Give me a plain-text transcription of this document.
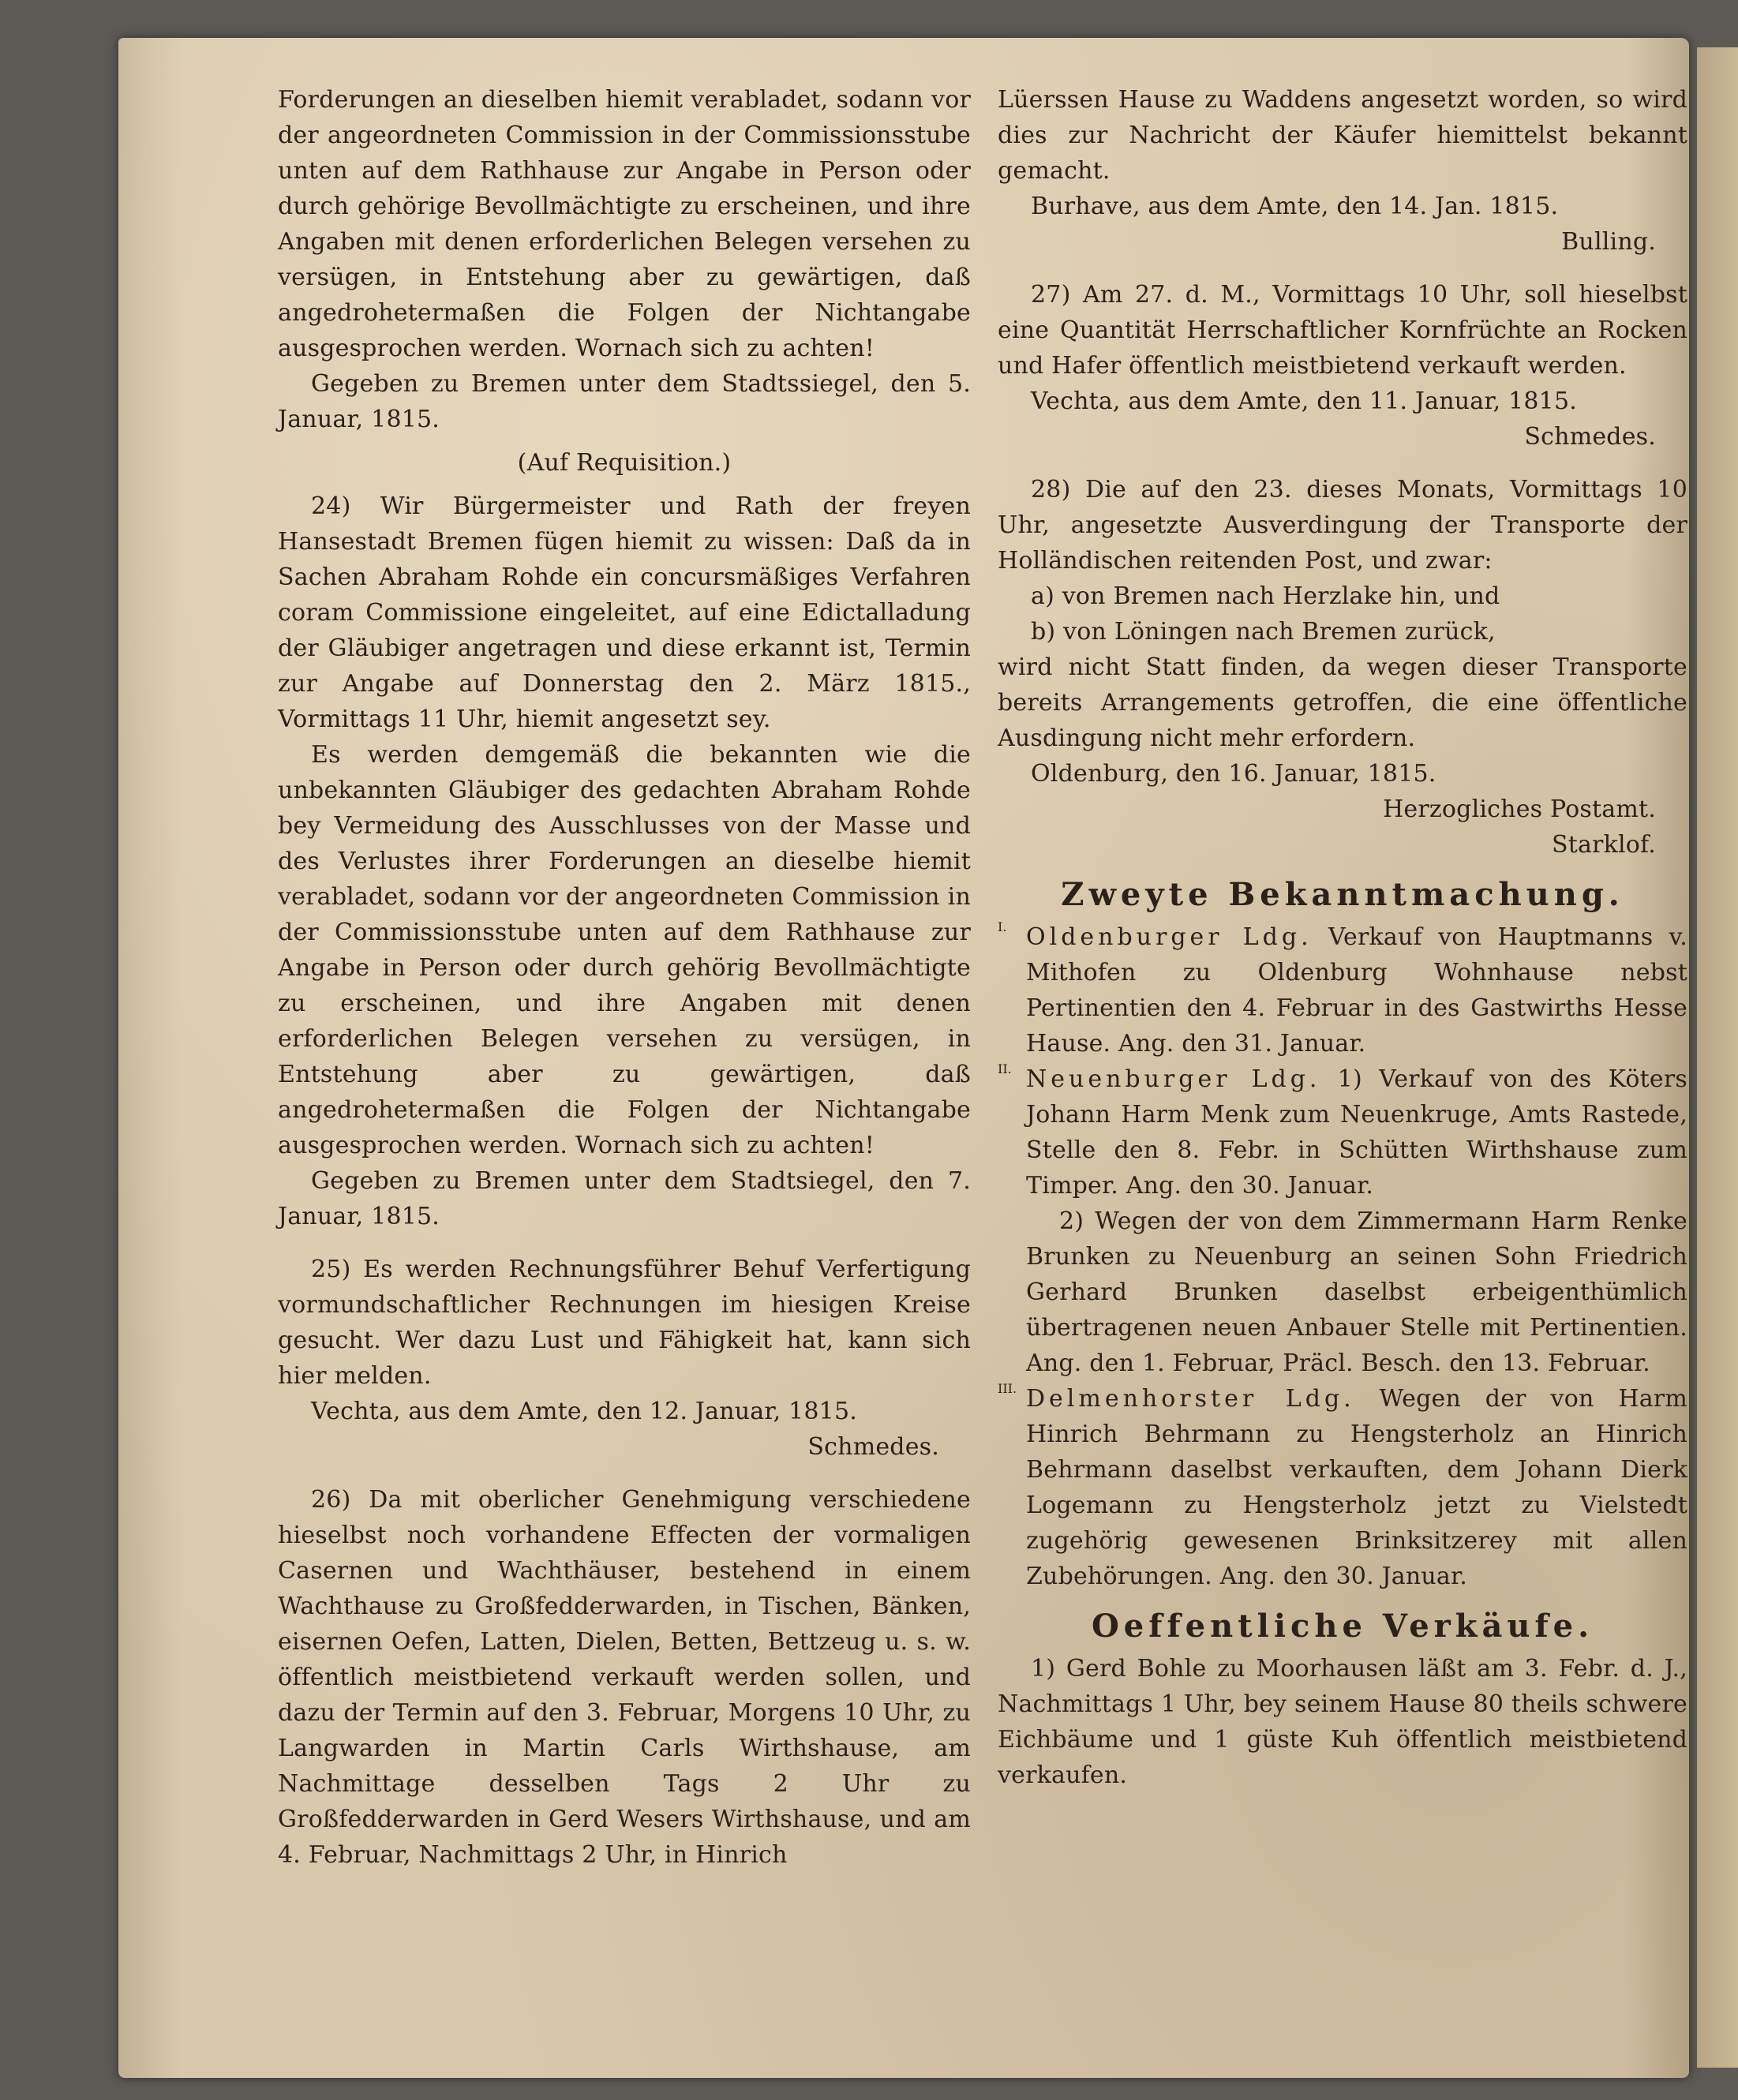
Forderungen an dieselben hiemit verabladet, sodann vor der angeordneten Commission in der Commissionsstube unten auf dem Rathhause zur Angabe in Person oder durch gehörige Bevollmächtigte zu erscheinen, und ihre Angaben mit denen erforderlichen Belegen versehen zu versügen, in Entstehung aber zu gewärtigen, daß angedrohetermaßen die Folgen der Nichtangabe ausgesprochen werden. Wornach sich zu achten!

Gegeben zu Bremen unter dem Stadtssiegel, den 5. Januar, 1815.

(Auf Requisition.)

24) Wir Bürgermeister und Rath der freyen Hansestadt Bremen fügen hiemit zu wissen: Daß da in Sachen Abraham Rohde ein concursmäßiges Verfahren coram Commissione eingeleitet, auf eine Edictalladung der Gläubiger angetragen und diese erkannt ist, Termin zur Angabe auf Donnerstag den 2. März 1815., Vormittags 11 Uhr, hiemit angesetzt sey.

Es werden demgemäß die bekannten wie die unbekannten Gläubiger des gedachten Abraham Rohde bey Vermeidung des Ausschlusses von der Masse und des Verlustes ihrer Forderungen an dieselbe hiemit verabladet, sodann vor der angeordneten Commission in der Commissionsstube unten auf dem Rathhause zur Angabe in Person oder durch gehörig Bevollmächtigte zu erscheinen, und ihre Angaben mit denen erforderlichen Belegen versehen zu versügen, in Entstehung aber zu gewärtigen, daß angedrohetermaßen die Folgen der Nichtangabe ausgesprochen werden. Wornach sich zu achten!

Gegeben zu Bremen unter dem Stadtsiegel, den 7. Januar, 1815.

25) Es werden Rechnungsführer Behuf Verfertigung vormundschaftlicher Rechnungen im hiesigen Kreise gesucht. Wer dazu Lust und Fähigkeit hat, kann sich hier melden.

Vechta, aus dem Amte, den 12. Januar, 1815.

Schmedes.

26) Da mit oberlicher Genehmigung verschiedene hieselbst noch vorhandene Effecten der vormaligen Casernen und Wachthäuser, bestehend in einem Wachthause zu Großfedderwarden, in Tischen, Bänken, eisernen Oefen, Latten, Dielen, Betten, Bettzeug u. s. w. öffentlich meistbietend verkauft werden sollen, und dazu der Termin auf den 3. Februar, Morgens 10 Uhr, zu Langwarden in Martin Carls Wirthshause, am Nachmittage desselben Tags 2 Uhr zu Großfedderwarden in Gerd Wesers Wirthshause, und am 4. Februar, Nachmittags 2 Uhr, in Hinrich

Lüerssen Hause zu Waddens angesetzt worden, so wird dies zur Nachricht der Käufer hiemittelst bekannt gemacht.

Burhave, aus dem Amte, den 14. Jan. 1815.

Bulling.

27) Am 27. d. M., Vormittags 10 Uhr, soll hieselbst eine Quantität Herrschaftlicher Kornfrüchte an Rocken und Hafer öffentlich meistbietend verkauft werden.

Vechta, aus dem Amte, den 11. Januar, 1815.

Schmedes.

28) Die auf den 23. dieses Monats, Vormittags 10 Uhr, angesetzte Ausverdingung der Transporte der Holländischen reitenden Post, und zwar:

a) von Bremen nach Herzlake hin, und

b) von Löningen nach Bremen zurück,

wird nicht Statt finden, da wegen dieser Transporte bereits Arrangements getroffen, die eine öffentliche Ausdingung nicht mehr erfordern.

Oldenburg, den 16. Januar, 1815.

Herzogliches Postamt.

Starklof.

Zweyte Bekanntmachung.
I. Oldenburger Ldg. Verkauf von Hauptmanns v. Mithofen zu Oldenburg Wohnhause nebst Pertinentien den 4. Februar in des Gastwirths Hesse Hause. Ang. den 31. Januar.

II. Neuenburger Ldg. 1) Verkauf von des Köters Johann Harm Menk zum Neuenkruge, Amts Rastede, Stelle den 8. Febr. in Schütten Wirthshause zum Timper. Ang. den 30. Januar.

2) Wegen der von dem Zimmermann Harm Renke Brunken zu Neuenburg an seinen Sohn Friedrich Gerhard Brunken daselbst erbeigenthümlich übertragenen neuen Anbauer Stelle mit Pertinentien. Ang. den 1. Februar, Präcl. Besch. den 13. Februar.

III. Delmenhorster Ldg. Wegen der von Harm Hinrich Behrmann zu Hengsterholz an Hinrich Behrmann daselbst verkauften, dem Johann Dierk Logemann zu Hengsterholz jetzt zu Vielstedt zugehörig gewesenen Brinksitzerey mit allen Zubehörungen. Ang. den 30. Januar.

Oeffentliche Verkäufe.

1) Gerd Bohle zu Moorhausen läßt am 3. Febr. d. J., Nachmittags 1 Uhr, bey seinem Hause 80 theils schwere Eichbäume und 1 güste Kuh öffentlich meistbietend verkaufen.
